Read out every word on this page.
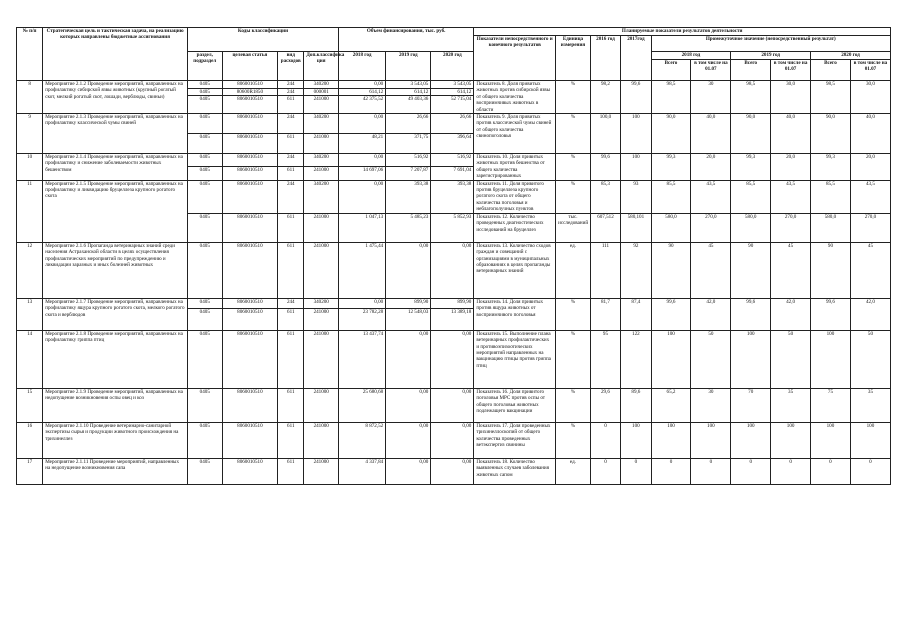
№ п/п	Стратегическая цель и тактическая задача, на реализацию которых направлены бюджетные ассигнования	Коды классификации				Объем финансирования, тыс. руб.			Планируемые показатели результатов деятельности									
									Показатели непосредственного и конечного результатов	Единица измерения	2016 год	2017год	Промежуточное значение (непосредственный результат)					
		раздел, подраздел	целевая статья	вид расходов	Доп.классифика ция	2018 год	2019 год	2020 год					2018 год		2019 год		2020 год	
													Всего	в том числе на 01.07	Всего	в том числе на 01.07	Всего	в том числе на 01.07
8	Мероприятие 2.1.2 Проведение мероприятий, направленных на профилактику сибирской язвы животных (крупный рогатый скот, мелкий рогатый скот, лошади, верблюды, свиньи)	0405	8060010510	244	340200	0,00	3 543,05	3 543,05	Показатель 8. Доля привитых животных против сибирской язвы от общего количества восприимчивых животных в области	%	98,2	99,6	98,5	30	98,5	30,0	98,5	30,0
		0405	80600R1850	244	000001	614,12	614,12	614,12										
		0405	8060010510	611	241000	42 375,52	49 403,36	52 715,04										
9	Мероприятие 2.1.3 Проведение мероприятий, направленных на профилактику классической чумы свиней	0405	8060010510	244	340200	0,00	26,66	26,66	Показатель 9. Доля привитых против классической чумы свиней от общего количества свинопоголовья	%	100,0	100	90,0	40,0	90,0	40,0	90,0	40,0
		0405	8060010510	611	241000	48,21	371,75	396,64										
10	Мероприятие 2.1.4 Проведение мероприятий, направленных на профилактику и снижение заболеваемости животных бешенством	0405	8060010510	244	340200	0,00	516,92	516,92	Показатель 10. Доля привитых животных против бешенства от общего количества зарегистрированных	%	99,6	100	99,3	20,0	99,3	20,0	99,3	20,0
		0405	8060010510	611	241000	14 697,06	7 207,87	7 691,04										
11	Мероприятие 2.1.5 Проведение мероприятий, направленных на профилактику и ликвидацию бруцеллеза крупного рогатого скота	0405	8060010510	244	340200	0,00	393,38	393,38	Показатель 11. Доля привитого против бруцеллеза крупного рогатого скота от общего количества поголовья и неблагополучных пунктов	%	85,3	93	85,5	43,5	85,5	43,5	85,5	43,5
		0405	8060010510	611	241000	1 047,13	5 485,23	5 852,93	Показатель 12. Количество проведенных диагностических исследований на бруцеллез	тыс. исследований	607,512	580,101	580,0	270,0	580,0	270,0	580,0	270,0
12	Мероприятие 2.1.6 Пропаганда ветеринарных знаний среди населения Астраханской области в целях осуществления профилактических мероприятий по предупреждению и ликвидации заразных и иных болезней животных	0405	8060010510	611	241000	1 475,44	0,00	0,00	Показатель 13. Количество сходов граждан и совещаний с организациями в муниципальных образованиях в целях пропаганды ветеринарных знаний	ед.	111	92	90	45	90	45	90	45
13	Мероприятие 2.1.7 Проведение мероприятий, направленных на профилактику ящура крупного рогатого скота, мелкого рогатого скота и верблюдов	0405	8060010510	244	340200	0,00	899,90	899,90	Показатель 14. Доля привитых против ящура животных от восприимчивого поголовья	%	81,7	87,4	99,6	42,0	99,6	42,0	99,6	42,0
		0405	8060010510	611	241000	23 782,28	12 548,03	13 389,18										
14	Мероприятие 2.1.8 Проведение мероприятий, направленных на профилактику гриппа птиц	0405	8060010510	611	241000	13 437,74	0,00	0,00	Показатель 15. Выполнение плана ветеринарных профилактических и противоэпизоотических мероприятий направленных на вакцинацию птицы против гриппа птиц	%	95	122	100	50	100	50	100	50
15	Мероприятие 2.1.9 Проведение мероприятий, направленных на недопущение возникновения оспы овец и коз	0405	8060010510	611	241000	25 680,68	0,00	0,00	Показатель 16. Доля привитого поголовья МРС против оспы от общего поголовья животных подлежащего вакцинации	%	29,6	89,6	65,2	30	70	35	75	35
16	Мероприятие 2.1.10 Проведение ветеринарно-санитарной экспертизы сырья и продукции животного происхождения на трихинеллез	0405	8060010510	611	241000	8 872,52	0,00	0,00	Показатель 17. Доля проведенных трихинеллоскопий от общего количества проведенных ветэкспертиз свинины	%	0	100	100	100	100	100	100	100
17	Мероприятие 2.1.11 Проведение мероприятий, направленных на недопущение возникновения сапа	0405	8060010510	611	241000	4 337,84	0,00	0,00	Показатель 18. Количество выявленных случаев заболевания животных сапом	ед.	0	0	0	0	0	0	0	0
